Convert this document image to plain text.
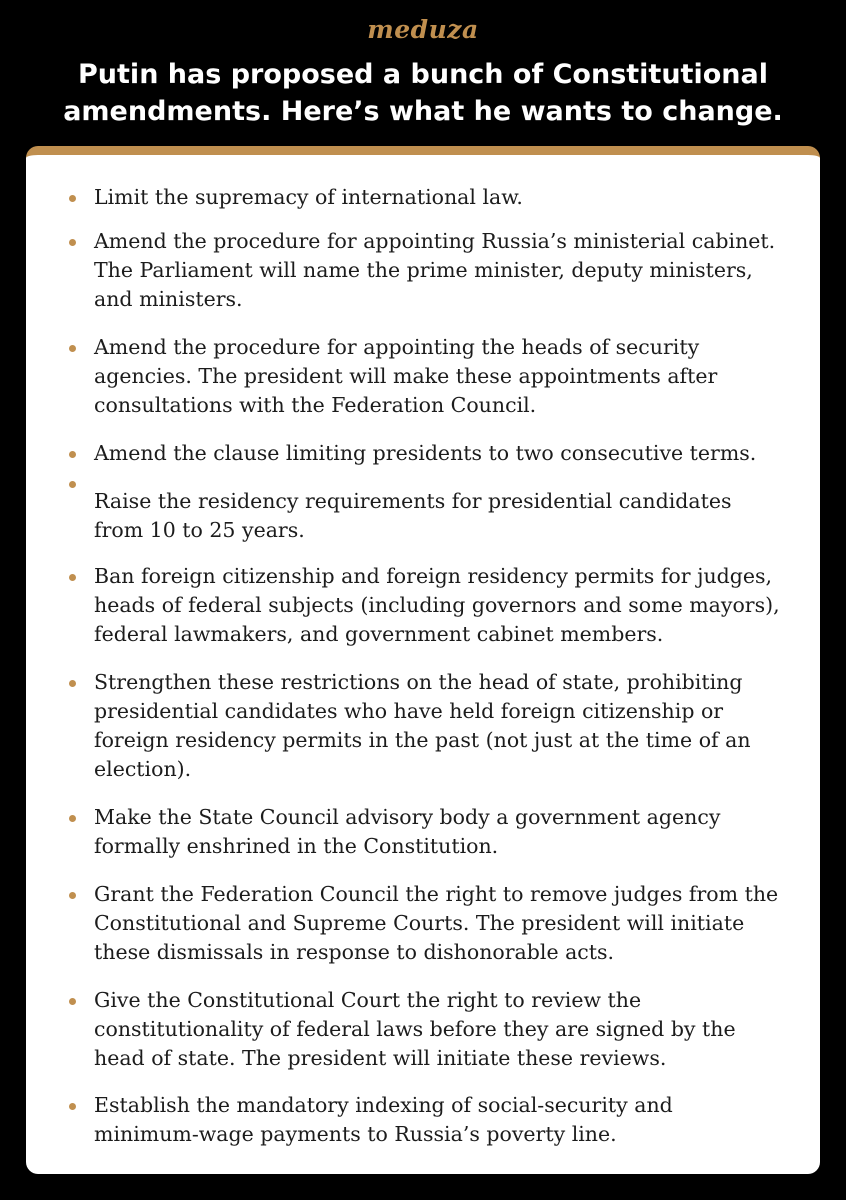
meduza
Putin has proposed a bunch of Constitutional amendments. Here’s what he wants to change.
Limit the supremacy of international law.
Amend the procedure for appointing Russia’s ministerial cabinet. The Parliament will name the prime minister, deputy ministers, and ministers.
Amend the procedure for appointing the heads of security agencies. The president will make these appointments after consultations with the Federation Council.
Amend the clause limiting presidents to two consecutive terms.
Raise the residency requirements for presidential candidates from 10 to 25 years.
Ban foreign citizenship and foreign residency permits for judges, heads of federal subjects (including governors and some mayors), federal lawmakers, and government cabinet members.
Strengthen these restrictions on the head of state, prohibiting presidential candidates who have held foreign citizenship or foreign residency permits in the past (not just at the time of an election).
Make the State Council advisory body a government agency formally enshrined in the Constitution.
Grant the Federation Council the right to remove judges from the Constitutional and Supreme Courts. The president will initiate these dismissals in response to dishonorable acts.
Give the Constitutional Court the right to review the constitutionality of federal laws before they are signed by the head of state. The president will initiate these reviews.
Establish the mandatory indexing of social-security and minimum-wage payments to Russia’s poverty line.
